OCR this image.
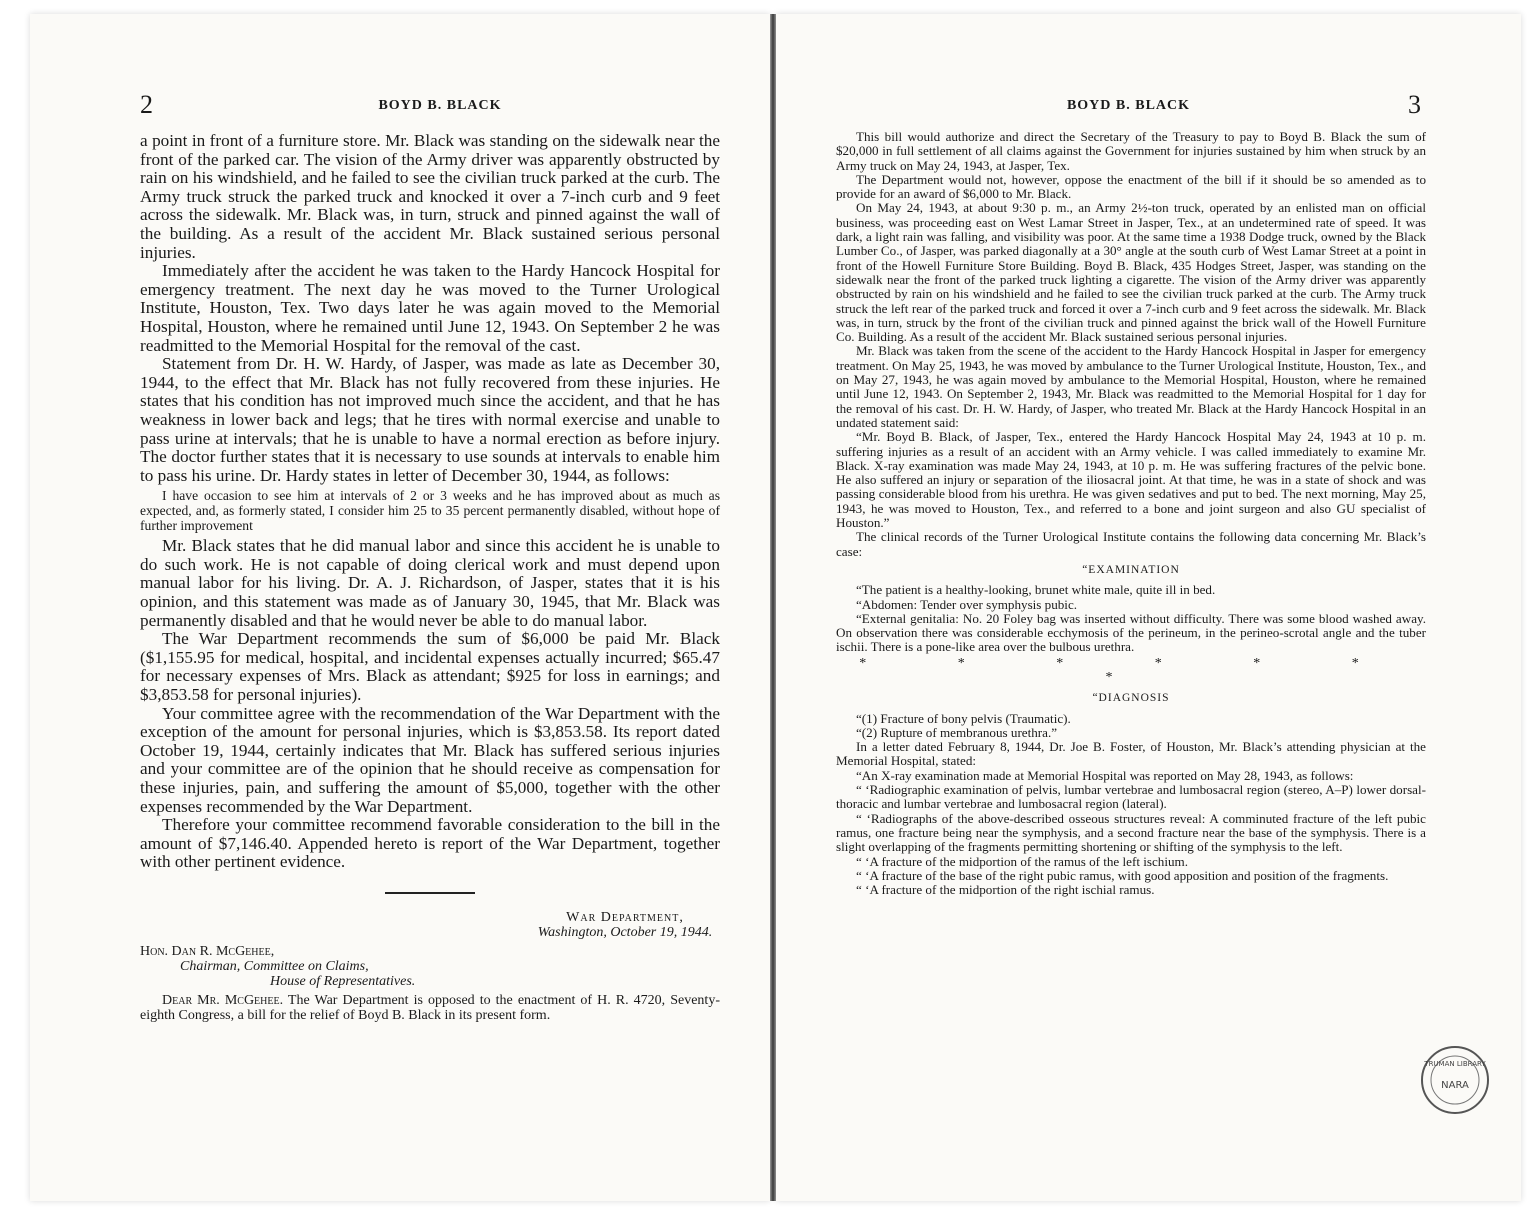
2	BOYD B. BLACK

a point in front of a furniture store. Mr. Black was standing on the sidewalk near the front of the parked car. The vision of the Army driver was apparently obstructed by rain on his windshield, and he failed to see the civilian truck parked at the curb. The Army truck struck the parked truck and knocked it over a 7-inch curb and 9 feet across the sidewalk. Mr. Black was, in turn, struck and pinned against the wall of the building. As a result of the accident Mr. Black sustained serious personal injuries.

Immediately after the accident he was taken to the Hardy Hancock Hospital for emergency treatment. The next day he was moved to the Turner Urological Institute, Houston, Tex. Two days later he was again moved to the Memorial Hospital, Houston, where he remained until June 12, 1943. On September 2 he was readmitted to the Memorial Hospital for the removal of the cast.

Statement from Dr. H. W. Hardy, of Jasper, was made as late as December 30, 1944, to the effect that Mr. Black has not fully recovered from these injuries. He states that his condition has not improved much since the accident, and that he has weakness in lower back and legs; that he tires with normal exercise and unable to pass urine at intervals; that he is unable to have a normal erection as before injury. The doctor further states that it is necessary to use sounds at intervals to enable him to pass his urine. Dr. Hardy states in letter of December 30, 1944, as follows:

I have occasion to see him at intervals of 2 or 3 weeks and he has improved about as much as expected, and, as formerly stated, I consider him 25 to 35 percent permanently disabled, without hope of further improvement

Mr. Black states that he did manual labor and since this accident he is unable to do such work. He is not capable of doing clerical work and must depend upon manual labor for his living. Dr. A. J. Richardson, of Jasper, states that it is his opinion, and this statement was made as of January 30, 1945, that Mr. Black was permanently disabled and that he would never be able to do manual labor.

The War Department recommends the sum of $6,000 be paid Mr. Black ($1,155.95 for medical, hospital, and incidental expenses actually incurred; $65.47 for necessary expenses of Mrs. Black as attendant; $925 for loss in earnings; and $3,853.58 for personal injuries).

Your committee agree with the recommendation of the War Department with the exception of the amount for personal injuries, which is $3,853.58. Its report dated October 19, 1944, certainly indicates that Mr. Black has suffered serious injuries and your committee are of the opinion that he should receive as compensation for these injuries, pain, and suffering the amount of $5,000, together with the other expenses recommended by the War Department.

Therefore your committee recommend favorable consideration to the bill in the amount of $7,146.40. Appended hereto is report of the War Department, together with other pertinent evidence.

War Department,
Washington, October 19, 1944.
Hon. Dan R. McGehee,
Chairman, Committee on Claims,
House of Representatives.
Dear Mr. McGehee. The War Department is opposed to the enactment of H. R. 4720, Seventy-eighth Congress, a bill for the relief of Boyd B. Black in its present form.
BOYD B. BLACK	3

This bill would authorize and direct the Secretary of the Treasury to pay to Boyd B. Black the sum of $20,000 in full settlement of all claims against the Government for injuries sustained by him when struck by an Army truck on May 24, 1943, at Jasper, Tex.

The Department would not, however, oppose the enactment of the bill if it should be so amended as to provide for an award of $6,000 to Mr. Black.

On May 24, 1943, at about 9:30 p. m., an Army 2½-ton truck, operated by an enlisted man on official business, was proceeding east on West Lamar Street in Jasper, Tex., at an undetermined rate of speed. It was dark, a light rain was falling, and visibility was poor. At the same time a 1938 Dodge truck, owned by the Black Lumber Co., of Jasper, was parked diagonally at a 30° angle at the south curb of West Lamar Street at a point in front of the Howell Furniture Store Building. Boyd B. Black, 435 Hodges Street, Jasper, was standing on the sidewalk near the front of the parked truck lighting a cigarette. The vision of the Army driver was apparently obstructed by rain on his windshield and he failed to see the civilian truck parked at the curb. The Army truck struck the left rear of the parked truck and forced it over a 7-inch curb and 9 feet across the sidewalk. Mr. Black was, in turn, struck by the front of the civilian truck and pinned against the brick wall of the Howell Furniture Co. Building. As a result of the accident Mr. Black sustained serious personal injuries.

Mr. Black was taken from the scene of the accident to the Hardy Hancock Hospital in Jasper for emergency treatment. On May 25, 1943, he was moved by ambulance to the Turner Urological Institute, Houston, Tex., and on May 27, 1943, he was again moved by ambulance to the Memorial Hospital, Houston, where he remained until June 12, 1943. On September 2, 1943, Mr. Black was readmitted to the Memorial Hospital for 1 day for the removal of his cast. Dr. H. W. Hardy, of Jasper, who treated Mr. Black at the Hardy Hancock Hospital in an undated statement said:

“Mr. Boyd B. Black, of Jasper, Tex., entered the Hardy Hancock Hospital May 24, 1943 at 10 p. m. suffering injuries as a result of an accident with an Army vehicle. I was called immediately to examine Mr. Black. X-ray examination was made May 24, 1943, at 10 p. m. He was suffering fractures of the pelvic bone. He also suffered an injury or separation of the iliosacral joint. At that time, he was in a state of shock and was passing considerable blood from his urethra. He was given sedatives and put to bed. The next morning, May 25, 1943, he was moved to Houston, Tex., and referred to a bone and joint surgeon and also GU specialist of Houston.”

The clinical records of the Turner Urological Institute contains the following data concerning Mr. Black’s case:

“EXAMINATION

“The patient is a healthy-looking, brunet white male, quite ill in bed.

“Abdomen: Tender over symphysis pubic.

“External genitalia: No. 20 Foley bag was inserted without difficulty. There was some blood washed away. On observation there was considerable ecchymosis of the perineum, in the perineo-scrotal angle and the tuber ischii. There is a pone-like area over the bulbous urethra.

* * * * * * *

“DIAGNOSIS

“(1) Fracture of bony pelvis (Traumatic).

“(2) Rupture of membranous urethra.”

In a letter dated February 8, 1944, Dr. Joe B. Foster, of Houston, Mr. Black’s attending physician at the Memorial Hospital, stated:

“An X-ray examination made at Memorial Hospital was reported on May 28, 1943, as follows:

“ ‘Radiographic examination of pelvis, lumbar vertebrae and lumbosacral region (stereo, A–P) lower dorsal-thoracic and lumbar vertebrae and lumbosacral region (lateral).

“ ‘Radiographs of the above-described osseous structures reveal: A comminuted fracture of the left pubic ramus, one fracture being near the symphysis, and a second fracture near the base of the symphysis. There is a slight overlapping of the fragments permitting shortening or shifting of the symphysis to the left.

“ ‘A fracture of the midportion of the ramus of the left ischium.

“ ‘A fracture of the base of the right pubic ramus, with good apposition and position of the fragments.

“ ‘A fracture of the midportion of the right ischial ramus.

TRUMAN LIBRARY
NARA
